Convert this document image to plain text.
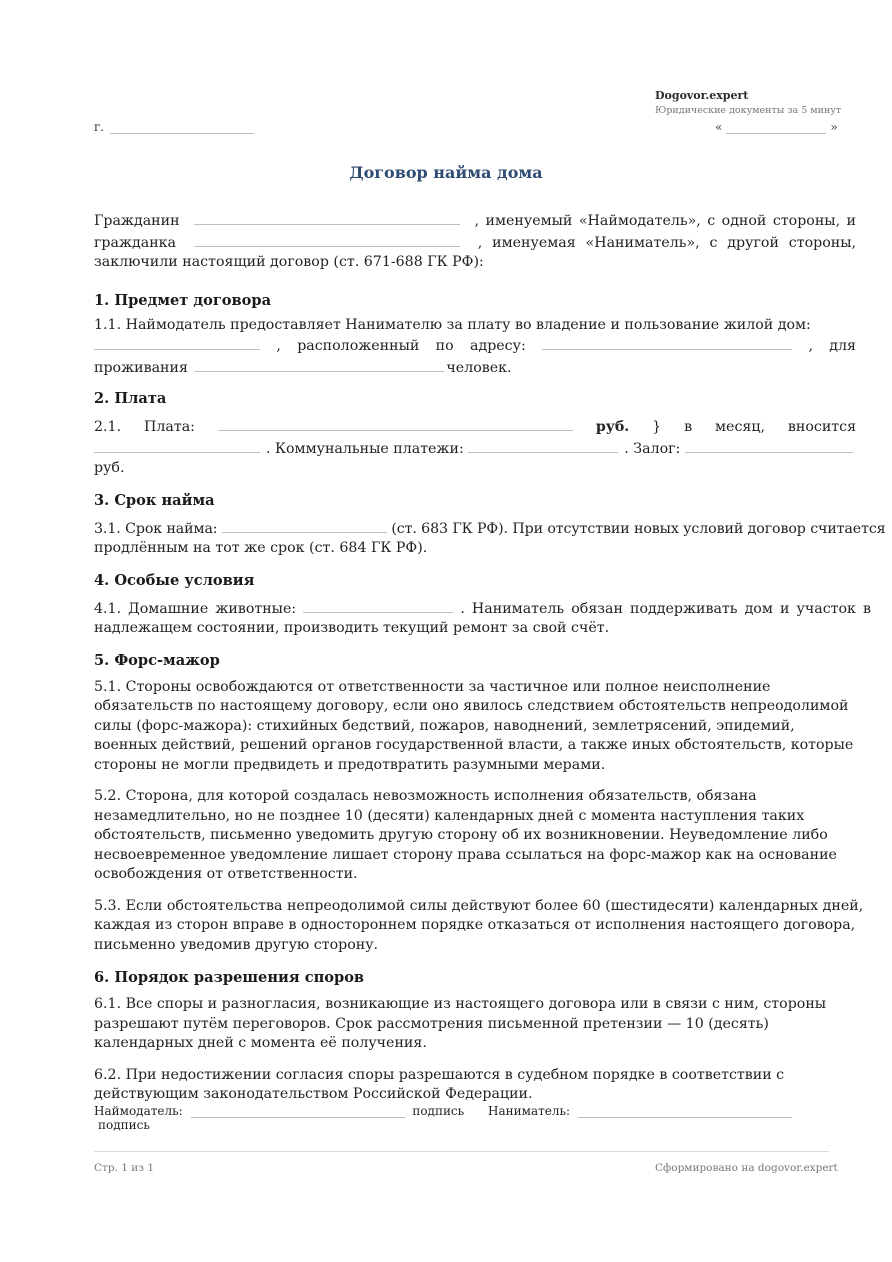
Dogovor.expert
Юридические документы за 5 минут
г.	«	»
Договор найма дома

Гражданин	, именуемый «Наймодатель», с одной стороны, и

гражданка	, именуемая «Наниматель», с другой стороны,

заключили настоящий договор (ст. 671-688 ГК РФ):

1. Предмет договора

1.1. Наймодатель предоставляет Нанимателю за плату во владение и пользование жилой дом:

, расположенный по адресу:	, для

проживания	человек.

2. Плата

2.1. Плата:	руб. } в месяц, вносится

. Коммунальные платежи:	. Залог:

руб.

3. Срок найма

3.1. Срок найма:	(ст. 683 ГК РФ). При отсутствии новых условий договор считается

продлённым на тот же срок (ст. 684 ГК РФ).

4. Особые условия

4.1. Домашние животные:	. Наниматель обязан поддерживать дом и участок в

надлежащем состоянии, производить текущий ремонт за свой счёт.

5. Форс-мажор

5.1. Стороны освобождаются от ответственности за частичное или полное неисполнение обязательств по настоящему договору, если оно явилось следствием обстоятельств непреодолимой силы (форс-мажора): стихийных бедствий, пожаров, наводнений, землетрясений, эпидемий, военных действий, решений органов государственной власти, а также иных обстоятельств, которые стороны не могли предвидеть и предотвратить разумными мерами.

5.2. Сторона, для которой создалась невозможность исполнения обязательств, обязана незамедлительно, но не позднее 10 (десяти) календарных дней с момента наступления таких обстоятельств, письменно уведомить другую сторону об их возникновении. Неуведомление либо несвоевременное уведомление лишает сторону права ссылаться на форс-мажор как на основание освобождения от ответственности.

5.3. Если обстоятельства непреодолимой силы действуют более 60 (шестидесяти) календарных дней, каждая из сторон вправе в одностороннем порядке отказаться от исполнения настоящего договора, письменно уведомив другую сторону.

6. Порядок разрешения споров

6.1. Все споры и разногласия, возникающие из настоящего договора или в связи с ним, стороны разрешают путём переговоров. Срок рассмотрения письменной претензии — 10 (десять) календарных дней с момента её получения.

6.2. При недостижении согласия споры разрешаются в судебном порядке в соответствии с действующим законодательством Российской Федерации.

Наймодатель:	подпись Наниматель:  подпись
Стр. 1 из 1	Сформировано на dogovor.expert
